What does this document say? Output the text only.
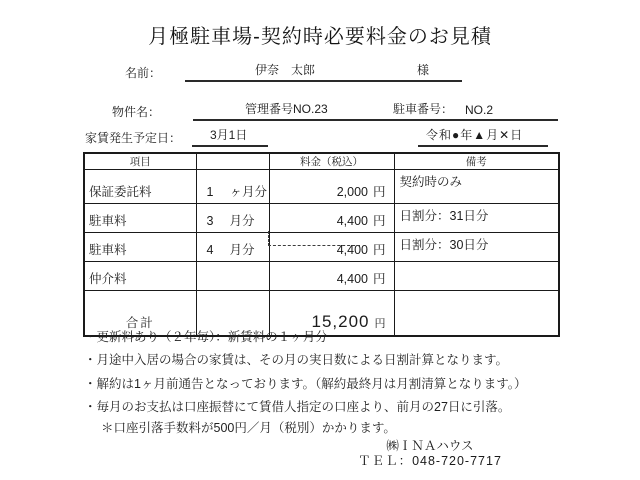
月極駐車場-契約時必要料金のお見積
名前：	伊奈　太郎	様
物件名：	管理番号NO.23	駐車番号： NO.2
家賃発生予定日： 3月1日	令和●年▲月✕日
項目		料金（税込）	備考
保証委託料	1 ヶ月分	2,000 円	契約時のみ
駐車料	3 月分	4,400 円	日割分：31日分
駐車料	4 月分	4,400 円	日割分：30日分
仲介料		4,400 円	
合計		15,200 円	
・更新料あり（２年毎）：新賃料の１ヶ月分
・月途中入居の場合の家賃は、その月の実日数による日割計算となります。
・解約は1ヶ月前通告となっております。（解約最終月は月割清算となります。）
・毎月のお支払は口座振替にて賃借人指定の口座より、前月の27日に引落。
＊口座引落手数料が500円／月（税別）かかります。
㈱ＩＮＡハウス
ＴＥＬ：048-720-7717
